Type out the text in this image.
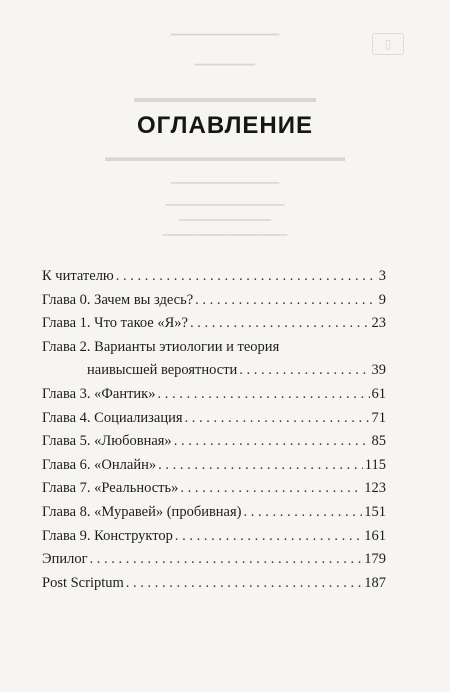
━━━━━━━━━━━━━━━━━━
▯
━━━━━━━━━━
▬▬▬▬▬▬▬▬▬▬▬▬▬▬
▬▬▬▬▬▬▬▬▬▬▬▬▬▬▬▬▬▬▬▬
━━━━━━━━━━━━━━━━━━━━
━━━━━━━━━━━━━━━━━━━━━━
━━━━━━━━━━━━━━━━━
━━━━━━━━━━━━━━━━━━━━━━━
ОГЛАВЛЕНИЕ
К читателю . . .	3
Глава 0. Зачем вы здесь? . . .	9
Глава 1. Что такое «Я»? . . .	23
Глава 2. Варианты этиологии и теория
наивысшей вероятности . . .	39
Глава 3. «Фантик» . . .	61
Глава 4. Социализация . . .	71
Глава 5. «Любовная» . . .	85
Глава 6. «Онлайн» . . .	115
Глава 7. «Реальность» . . .	123
Глава 8. «Муравей» (пробивная) . . .	151
Глава 9. Конструктор . . .	161
Эпилог . . .	179
Post Scriptum . . .	187
